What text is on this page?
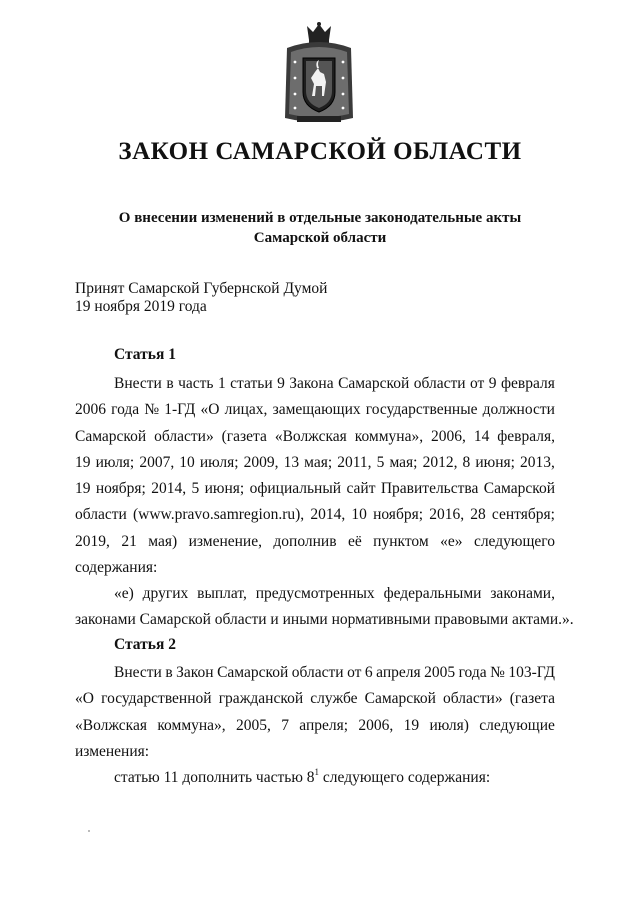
ЗАКОН САМАРСКОЙ ОБЛАСТИ
О внесении изменений в отдельные законодательные акты
Самарской области
Принят Самарской Губернской Думой
19 ноября 2019 года
Статья 1
Внести в часть 1 статьи 9 Закона Самарской области от 9 февраля
2006 года № 1-ГД «О лицах, замещающих государственные должности
Самарской области» (газета «Волжская коммуна», 2006, 14 февраля,
19 июля; 2007, 10 июля; 2009, 13 мая; 2011, 5 мая; 2012, 8 июня; 2013,
19 ноября; 2014, 5 июня; официальный сайт Правительства Самарской
области (www.pravo.samregion.ru), 2014, 10 ноября; 2016, 28 сентября;
2019, 21 мая) изменение, дополнив её пунктом «е» следующего
содержания:
«е) других выплат, предусмотренных федеральными законами,
законами Самарской области и иными нормативными правовыми актами.».
Статья 2
Внести в Закон Самарской области от 6 апреля 2005 года № 103-ГД
«О государственной гражданской службе Самарской области» (газета
«Волжская коммуна», 2005, 7 апреля; 2006, 19 июля) следующие
изменения:
статью 11 дополнить частью $8^1$ следующего содержания:
